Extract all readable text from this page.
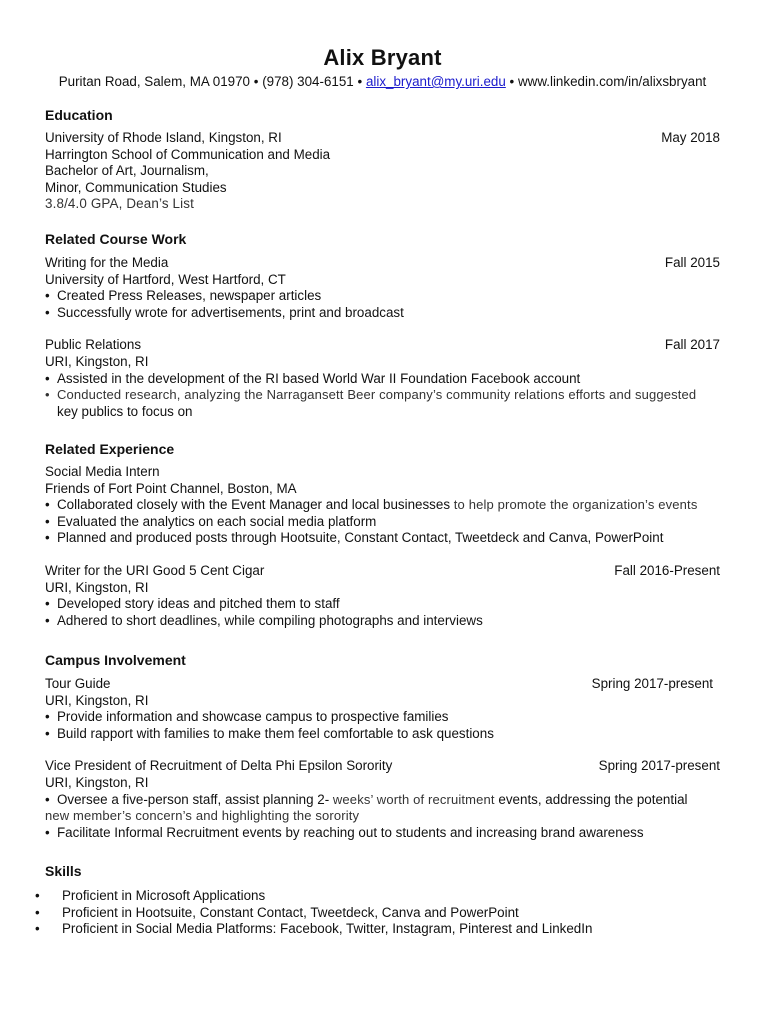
Alix Bryant
Puritan Road, Salem, MA 01970 • (978) 304-6151 • alix_bryant@my.uri.edu • www.linkedin.com/in/alixsbryant
Education
University of Rhode Island, Kingston, RI	May 2018
Harrington School of Communication and Media
Bachelor of Art, Journalism,
Minor, Communication Studies
3.8/4.0 GPA, Dean’s List
Related Course Work
Writing for the Media	Fall 2015
University of Hartford, West Hartford, CT
• Created Press Releases, newspaper articles
• Successfully wrote for advertisements, print and broadcast
Public Relations	Fall 2017
URI, Kingston, RI
• Assisted in the development of the RI based World War II Foundation Facebook account
• Conducted research, analyzing the Narragansett Beer company’s community relations efforts and suggested
key publics to focus on
Related Experience
Social Media Intern
Friends of Fort Point Channel, Boston, MA
• Collaborated closely with the Event Manager and local businesses to help promote the organization’s events
• Evaluated the analytics on each social media platform
• Planned and produced posts through Hootsuite, Constant Contact, Tweetdeck and Canva, PowerPoint
Writer for the URI Good 5 Cent Cigar	Fall 2016-Present
URI, Kingston, RI
• Developed story ideas and pitched them to staff
• Adhered to short deadlines, while compiling photographs and interviews
Campus Involvement
Tour Guide	Spring 2017-present
URI, Kingston, RI
• Provide information and showcase campus to prospective families
• Build rapport with families to make them feel comfortable to ask questions
Vice President of Recruitment of Delta Phi Epsilon Sorority	Spring 2017-present
URI, Kingston, RI
• Oversee a five-person staff, assist planning 2- weeks’ worth of recruitment events, addressing the potential
new member’s concern’s and highlighting the sorority
• Facilitate Informal Recruitment events by reaching out to students and increasing brand awareness
Skills
• Proficient in Microsoft Applications
• Proficient in Hootsuite, Constant Contact, Tweetdeck, Canva and PowerPoint
• Proficient in Social Media Platforms: Facebook, Twitter, Instagram, Pinterest and LinkedIn
